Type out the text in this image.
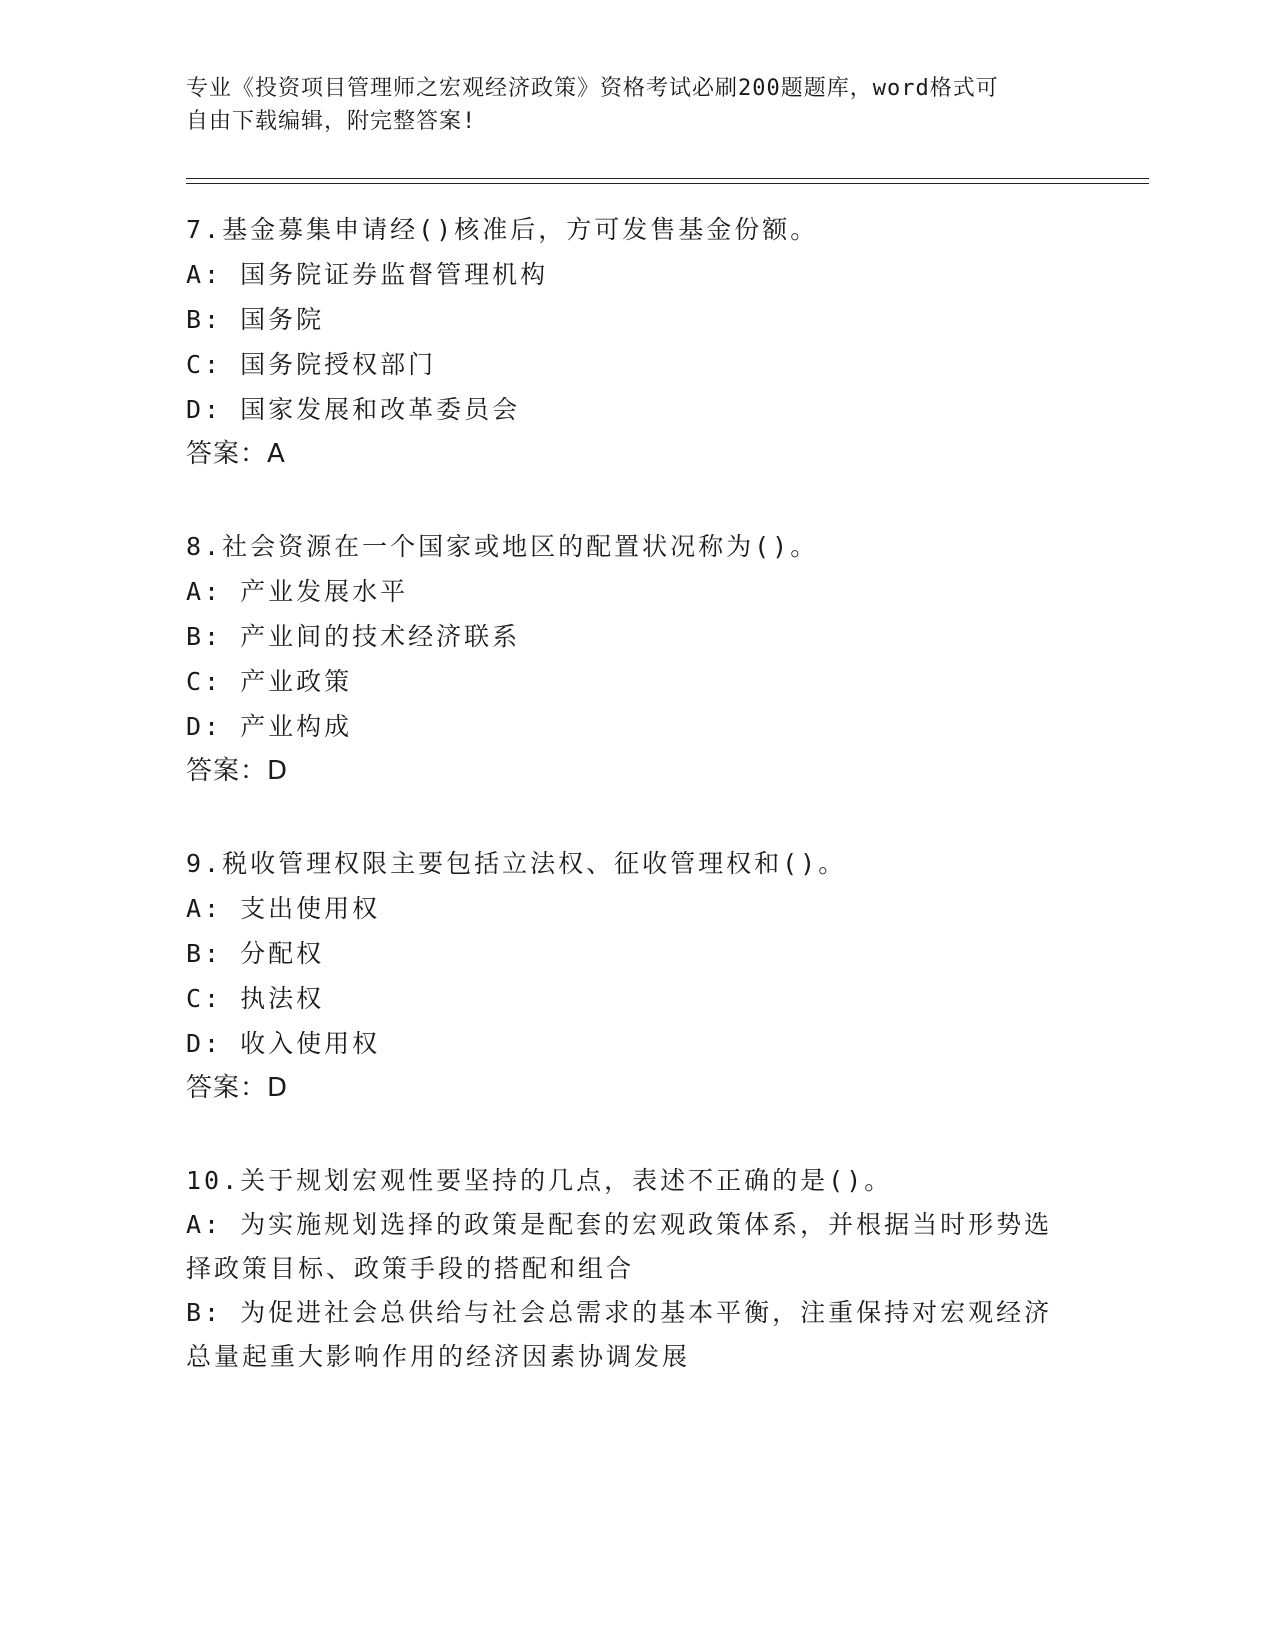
专业《投资项目管理师之宏观经济政策》资格考试必刷200题题库，word格式可
自由下载编辑，附完整答案!
7.基金募集申请经()核准后，方可发售基金份额。
A: 国务院证券监督管理机构
B: 国务院
C: 国务院授权部门
D: 国家发展和改革委员会
答案：A
8.社会资源在一个国家或地区的配置状况称为()。
A: 产业发展水平
B: 产业间的技术经济联系
C: 产业政策
D: 产业构成
答案：D
9.税收管理权限主要包括立法权、征收管理权和()。
A: 支出使用权
B: 分配权
C: 执法权
D: 收入使用权
答案：D
10.关于规划宏观性要坚持的几点，表述不正确的是()。
A: 为实施规划选择的政策是配套的宏观政策体系，并根据当时形势选择政策目标、政策手段的搭配和组合
B: 为促进社会总供给与社会总需求的基本平衡，注重保持对宏观经济总量起重大影响作用的经济因素协调发展
